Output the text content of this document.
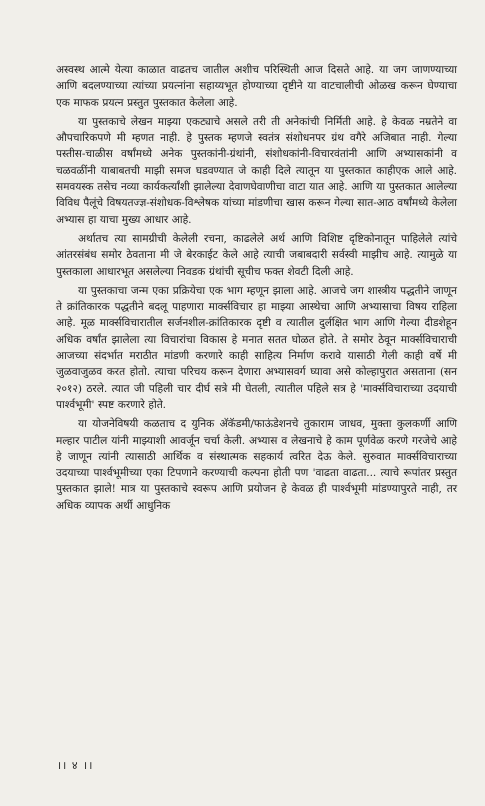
अस्वस्थ आत्मे येत्या काळात वाढतच जातील अशीच परिस्थिती आज दिसते आहे. या जग जाणण्याच्या आणि बदलण्याच्या त्यांच्या प्रयत्नांना सहाय्यभूत होण्याच्या दृष्टीने या वाटचालीची ओळख करून घेण्याचा एक माफक प्रयत्न प्रस्तुत पुस्तकात केलेला आहे.

या पुस्तकाचे लेखन माझ्या एकट्याचे असले तरी ती अनेकांची निर्मिती आहे. हे केवळ नम्रतेने वा औपचारिकपणे मी म्हणत नाही. हे पुस्तक म्हणजे स्वतंत्र संशोधनपर ग्रंथ वगैरे अजिबात नाही. गेल्या पस्तीस-चाळीस वर्षांमध्ये अनेक पुस्तकांनी-ग्रंथांनी, संशोधकांनी-विचारवंतांनी आणि अभ्यासकांनी व चळवळींनी याबाबतची माझी समज घडवण्यात जे काही दिले त्यातून या पुस्तकात काहीएक आले आहे. समवयस्क तसेच नव्या कार्यकर्त्यांशी झालेल्या देवाणघेवाणीचा वाटा यात आहे. आणि या पुस्तकात आलेल्या विविध पैलूंचे विषयतज्ज्ञ-संशोधक-विश्लेषक यांच्या मांडणीचा खास करून गेल्या सात-आठ वर्षांमध्ये केलेला अभ्यास हा याचा मुख्य आधार आहे.

अर्थातच त्या सामग्रीची केलेली रचना, काढलेले अर्थ आणि विशिष्ट दृष्टिकोनातून पाहिलेले त्यांचे आंतरसंबंध समोर ठेवताना मी जे बेरकाईट केले आहे त्याची जबाबदारी सर्वस्वी माझीच आहे. त्यामुळे या पुस्तकाला आधारभूत असलेल्या निवडक ग्रंथांची सूचीच फक्त शेवटी दिली आहे.

या पुस्तकाचा जन्म एका प्रक्रियेचा एक भाग म्हणून झाला आहे. आजचे जग शास्त्रीय पद्धतीने जाणून ते क्रांतिकारक पद्धतीने बदलू पाहणारा मार्क्सविचार हा माझ्या आस्थेचा आणि अभ्यासाचा विषय राहिला आहे. मूळ मार्क्सविचारातील सर्जनशील-क्रांतिकारक दृष्टी व त्यातील दुर्लक्षित भाग आणि गेल्या दीडशेहून अधिक वर्षांत झालेला त्या विचारांचा विकास हे मनात सतत घोळत होते. ते समोर ठेवून मार्क्सविचाराची आजच्या संदर्भात मराठीत मांडणी करणारे काही साहित्य निर्माण करावे यासाठी गेली काही वर्षे मी जुळवाजुळव करत होतो. त्याचा परिचय करून देणारा अभ्यासवर्ग घ्यावा असे कोल्हापुरात असताना (सन २०१२) ठरले. त्यात जी पहिली चार दीर्घ सत्रे मी घेतली, त्यातील पहिले सत्र हे 'मार्क्सविचाराच्या उदयाची पार्श्वभूमी' स्पष्ट करणारे होते.

या योजनेविषयी कळताच द युनिक अ‍ॅकॅडमी/फाऊंडेशनचे तुकाराम जाधव, मुक्ता कुलकर्णी आणि मल्हार पाटील यांनी माझ्याशी आवर्जून चर्चा केली. अभ्यास व लेखनाचे हे काम पूर्णवेळ करणे गरजेचे आहे हे जाणून त्यांनी त्यासाठी आर्थिक व संस्थात्मक सहकार्य त्वरित देऊ केले. सुरुवात मार्क्सविचाराच्या उदयाच्या पार्श्वभूमीच्या एका टिपणाने करण्याची कल्पना होती पण 'वाढता वाढता... त्याचे रूपांतर प्रस्तुत पुस्तकात झाले! मात्र या पुस्तकाचे स्वरूप आणि प्रयोजन हे केवळ ही पार्श्वभूमी मांडण्यापुरते नाही, तर अधिक व्यापक अर्थी आधुनिक

।। ४ ।।
